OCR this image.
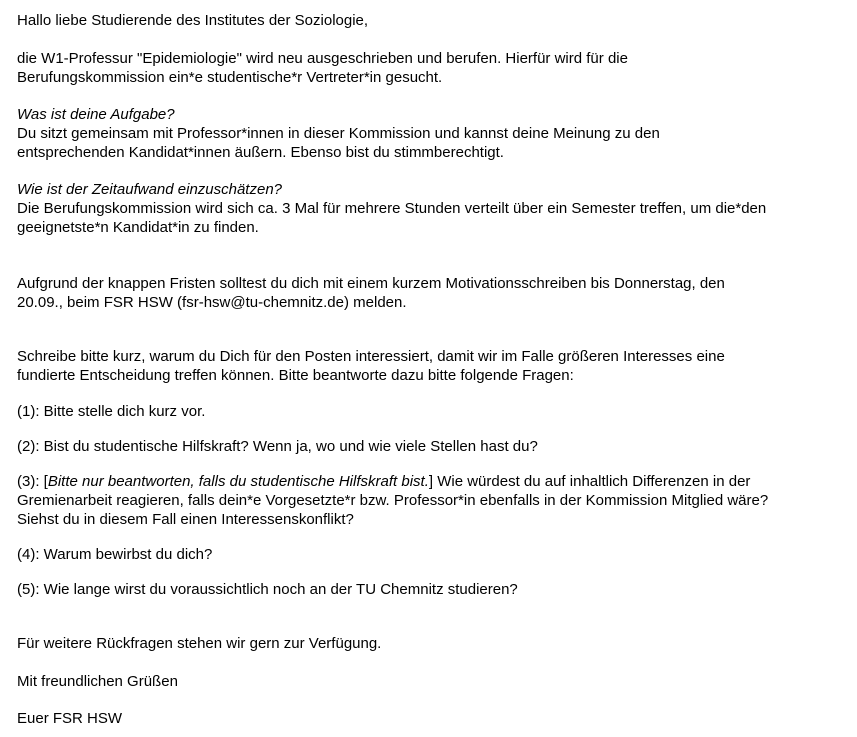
Hallo liebe Studierende des Institutes der Soziologie,

die W1-Professur "Epidemiologie" wird neu ausgeschrieben und berufen. Hierfür wird für die

Berufungskommission ein*e studentische*r Vertreter*in gesucht.

Was ist deine Aufgabe?

Du sitzt gemeinsam mit Professor*innen in dieser Kommission und kannst deine Meinung zu den

entsprechenden Kandidat*innen äußern. Ebenso bist du stimmberechtigt.

Wie ist der Zeitaufwand einzuschätzen?

Die Berufungskommission wird sich ca. 3 Mal für mehrere Stunden verteilt über ein Semester treffen, um die*den

geeignetste*n Kandidat*in zu finden.

Aufgrund der knappen Fristen solltest du dich mit einem kurzem Motivationsschreiben bis Donnerstag, den

20.09., beim FSR HSW (fsr-hsw@tu-chemnitz.de) melden.

Schreibe bitte kurz, warum du Dich für den Posten interessiert, damit wir im Falle größeren Interesses eine

fundierte Entscheidung treffen können. Bitte beantworte dazu bitte folgende Fragen:

(1): Bitte stelle dich kurz vor.

(2): Bist du studentische Hilfskraft? Wenn ja, wo und wie viele Stellen hast du?

(3): [Bitte nur beantworten, falls du studentische Hilfskraft bist.] Wie würdest du auf inhaltlich Differenzen in der

Gremienarbeit reagieren, falls dein*e Vorgesetzte*r bzw. Professor*in ebenfalls in der Kommission Mitglied wäre?

Siehst du in diesem Fall einen Interessenskonflikt?

(4): Warum bewirbst du dich?

(5): Wie lange wirst du voraussichtlich noch an der TU Chemnitz studieren?

Für weitere Rückfragen stehen wir gern zur Verfügung.

Mit freundlichen Grüßen

Euer FSR HSW
